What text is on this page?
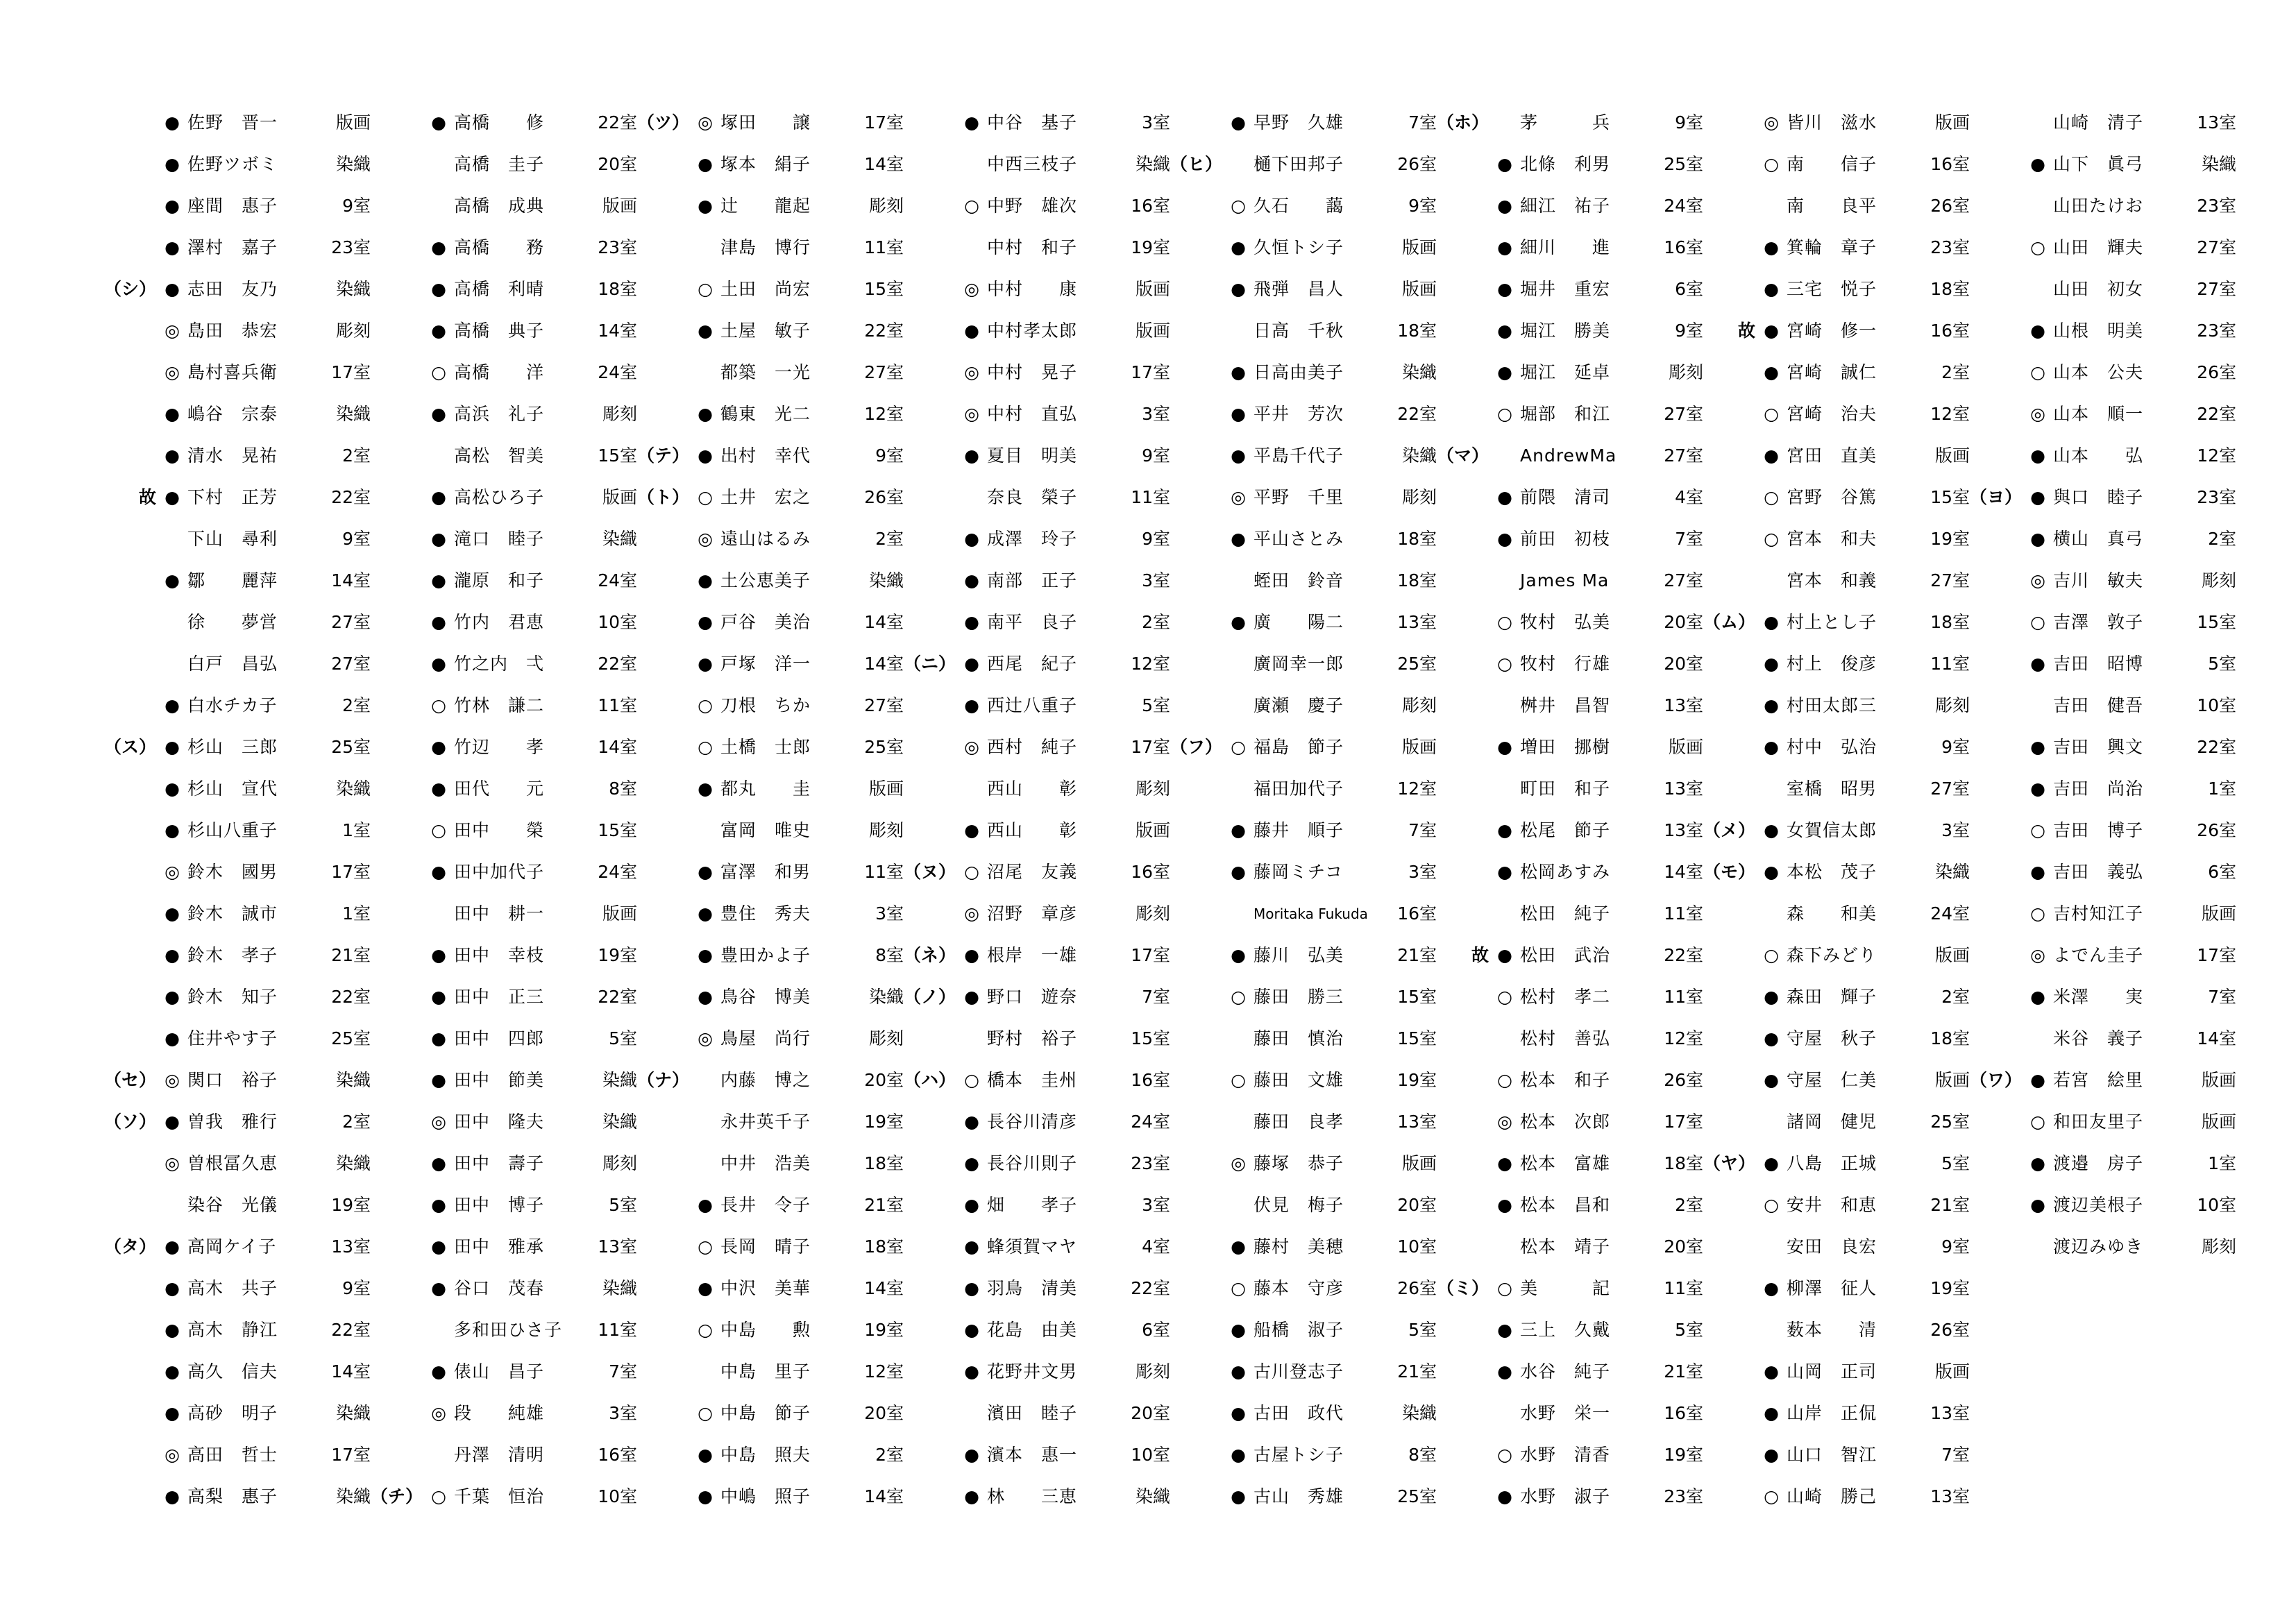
● 佐野　晋一	版画
● 佐野ツボミ	染織
● 座間　惠子	9室
● 澤村　嘉子	23室
（シ） ● 志田　友乃	染織
◎ 島田　恭宏	彫刻
◎ 島村喜兵衛	17室
● 嶋谷　宗泰	染織
● 清水　晃祐	2室
故 ● 下村　正芳	22室
下山　尋利	9室
● 鄒　　麗萍	14室
徐　　夢営	27室
白戸　昌弘	27室
● 白水チカ子	2室
（ス） ● 杉山　三郎	25室
● 杉山　宣代	染織
● 杉山八重子	1室
◎ 鈴木　國男	17室
● 鈴木　誠市	1室
● 鈴木　孝子	21室
● 鈴木　知子	22室
● 住井やす子	25室
（セ） ◎ 関口　裕子	染織
（ソ） ● 曽我　雅行	2室
◎ 曽根冨久恵	染織
染谷　光儀	19室
（タ） ● 高岡ケイ子	13室
● 高木　共子	9室
● 高木　静江	22室
● 高久　信夫	14室
● 高砂　明子	染織
◎ 高田　哲士	17室
● 高梨　惠子	染織
● 高橋　　修	22室
高橋　圭子	20室
高橋　成典	版画
● 高橋　　務	23室
● 高橋　利晴	18室
● 高橋　典子	14室
○ 高橋　　洋	24室
● 高浜　礼子	彫刻
高松　智美	15室
● 高松ひろ子	版画
● 滝口　睦子	染織
● 瀧原　和子	24室
● 竹内　君恵	10室
● 竹之内　弌	22室
○ 竹林　謙二	11室
● 竹辺　　孝	14室
● 田代　　元	8室
○ 田中　　榮	15室
● 田中加代子	24室
田中　耕一	版画
● 田中　幸枝	19室
● 田中　正三	22室
● 田中　四郎	5室
● 田中　節美	染織
◎ 田中　隆夫	染織
● 田中　壽子	彫刻
● 田中　博子	5室
● 田中　雅承	13室
● 谷口　茂春	染織
多和田ひさ子	11室
● 俵山　昌子	7室
◎ 段　　純雄	3室
丹澤　清明	16室
（チ） ○ 千葉　恒治	10室
（ツ） ◎ 塚田　　譲	17室
● 塚本　絹子	14室
● 辻　　龍起	彫刻
津島　博行	11室
○ 土田　尚宏	15室
● 土屋　敏子	22室
都築　一光	27室
● 鶴東　光二	12室
（テ） ● 出村　幸代	9室
（ト） ○ 土井　宏之	26室
◎ 遠山はるみ	2室
● 土公恵美子	染織
● 戸谷　美治	14室
● 戸塚　洋一	14室
○ 刀根　ちか	27室
○ 土橋　士郎	25室
● 都丸　　圭	版画
富岡　唯史	彫刻
● 富澤　和男	11室
● 豊住　秀夫	3室
● 豊田かよ子	8室
● 鳥谷　博美	染織
◎ 鳥屋　尚行	彫刻
（ナ） 内藤　博之	20室
永井英千子	19室
中井　浩美	18室
● 長井　令子	21室
○ 長岡　晴子	18室
● 中沢　美華	14室
○ 中島　　勲	19室
中島　里子	12室
○ 中島　節子	20室
● 中島　照夫	2室
● 中嶋　照子	14室
● 中谷　基子	3室
中西三枝子	染織
○ 中野　雄次	16室
中村　和子	19室
◎ 中村　　康	版画
● 中村孝太郎	版画
◎ 中村　晃子	17室
◎ 中村　直弘	3室
● 夏目　明美	9室
奈良　榮子	11室
● 成澤　玲子	9室
● 南部　正子	3室
● 南平　良子	2室
（ニ） ● 西尾　紀子	12室
● 西辻八重子	5室
◎ 西村　純子	17室
西山　　彰	彫刻
● 西山　　彰	版画
（ヌ） ○ 沼尾　友義	16室
◎ 沼野　章彦	彫刻
（ネ） ● 根岸　一雄	17室
（ノ） ● 野口　遊奈	7室
野村　裕子	15室
（ハ） ○ 橋本　圭州	16室
● 長谷川清彦	24室
● 長谷川則子	23室
● 畑　　孝子	3室
● 蜂須賀マヤ	4室
● 羽鳥　清美	22室
● 花島　由美	6室
● 花野井文男	彫刻
濱田　睦子	20室
● 濱本　惠一	10室
● 林　　三恵	染織
● 早野　久雄	7室
（ヒ） 樋下田邦子	26室
○ 久石　　藹	9室
● 久恒トシ子	版画
● 飛弾　昌人	版画
日高　千秋	18室
● 日高由美子	染織
● 平井　芳次	22室
● 平島千代子	染織
◎ 平野　千里	彫刻
● 平山さとみ	18室
蛭田　鈴音	18室
● 廣　　陽二	13室
廣岡幸一郎	25室
廣瀬　慶子	彫刻
（フ） ○ 福島　節子	版画
福田加代子	12室
● 藤井　順子	7室
● 藤岡ミチコ	3室
Moritaka Fukuda	16室
● 藤川　弘美	21室
○ 藤田　勝三	15室
藤田　慎治	15室
○ 藤田　文雄	19室
藤田　良孝	13室
◎ 藤塚　恭子	版画
伏見　梅子	20室
● 藤村　美穂	10室
○ 藤本　守彦	26室
● 船橋　淑子	5室
● 古川登志子	21室
● 古田　政代	染織
● 古屋トシ子	8室
● 古山　秀雄	25室
（ホ） 茅　　　兵	9室
● 北條　利男	25室
● 細江　祐子	24室
● 細川　　進	16室
● 堀井　重宏	6室
● 堀江　勝美	9室
● 堀江　延卓	彫刻
○ 堀部　和江	27室
（マ） AndrewMa	27室
● 前隈　清司	4室
● 前田　初枝	7室
James Ma	27室
○ 牧村　弘美	20室
○ 牧村　行雄	20室
桝井　昌智	13室
● 増田　挪樹	版画
町田　和子	13室
● 松尾　節子	13室
● 松岡あすみ	14室
松田　純子	11室
故 ● 松田　武治	22室
○ 松村　孝二	11室
松村　善弘	12室
○ 松本　和子	26室
◎ 松本　次郎	17室
● 松本　富雄	18室
● 松本　昌和	2室
松本　靖子	20室
（ミ） ○ 美　　　記	11室
● 三上　久戴	5室
● 水谷　純子	21室
水野　栄一	16室
○ 水野　清香	19室
● 水野　淑子	23室
◎ 皆川　滋水	版画
○ 南　　信子	16室
南　　良平	26室
● 箕輪　章子	23室
● 三宅　悦子	18室
故 ● 宮崎　修一	16室
● 宮崎　誠仁	2室
○ 宮崎　治夫	12室
● 宮田　直美	版画
○ 宮野　谷篤	15室
○ 宮本　和夫	19室
宮本　和義	27室
（ム） ● 村上とし子	18室
● 村上　俊彦	11室
● 村田太郎三	彫刻
● 村中　弘治	9室
室橋　昭男	27室
（メ） ● 女賀信太郎	3室
（モ） ● 本松　茂子	染織
森　　和美	24室
○ 森下みどり	版画
● 森田　輝子	2室
● 守屋　秋子	18室
● 守屋　仁美	版画
諸岡　健児	25室
（ヤ） ● 八島　正城	5室
○ 安井　和恵	21室
安田　良宏	9室
● 柳澤　征人	19室
薮本　　清	26室
● 山岡　正司	版画
● 山岸　正侃	13室
● 山口　智江	7室
○ 山崎　勝己	13室
山崎　清子	13室
● 山下　眞弓	染織
山田たけお	23室
○ 山田　輝夫	27室
山田　初女	27室
● 山根　明美	23室
○ 山本　公夫	26室
◎ 山本　順一	22室
● 山本　　弘	12室
（ヨ） ● 與口　睦子	23室
● 横山　真弓	2室
◎ 吉川　敏夫	彫刻
○ 吉澤　敦子	15室
● 吉田　昭博	5室
吉田　健吾	10室
● 吉田　興文	22室
● 吉田　尚治	1室
○ 吉田　博子	26室
● 吉田　義弘	6室
○ 吉村知江子	版画
◎ よでん圭子	17室
● 米澤　　実	7室
米谷　義子	14室
（ワ） ● 若宮　絵里	版画
○ 和田友里子	版画
● 渡邉　房子	1室
● 渡辺美根子	10室
渡辺みゆき	彫刻
